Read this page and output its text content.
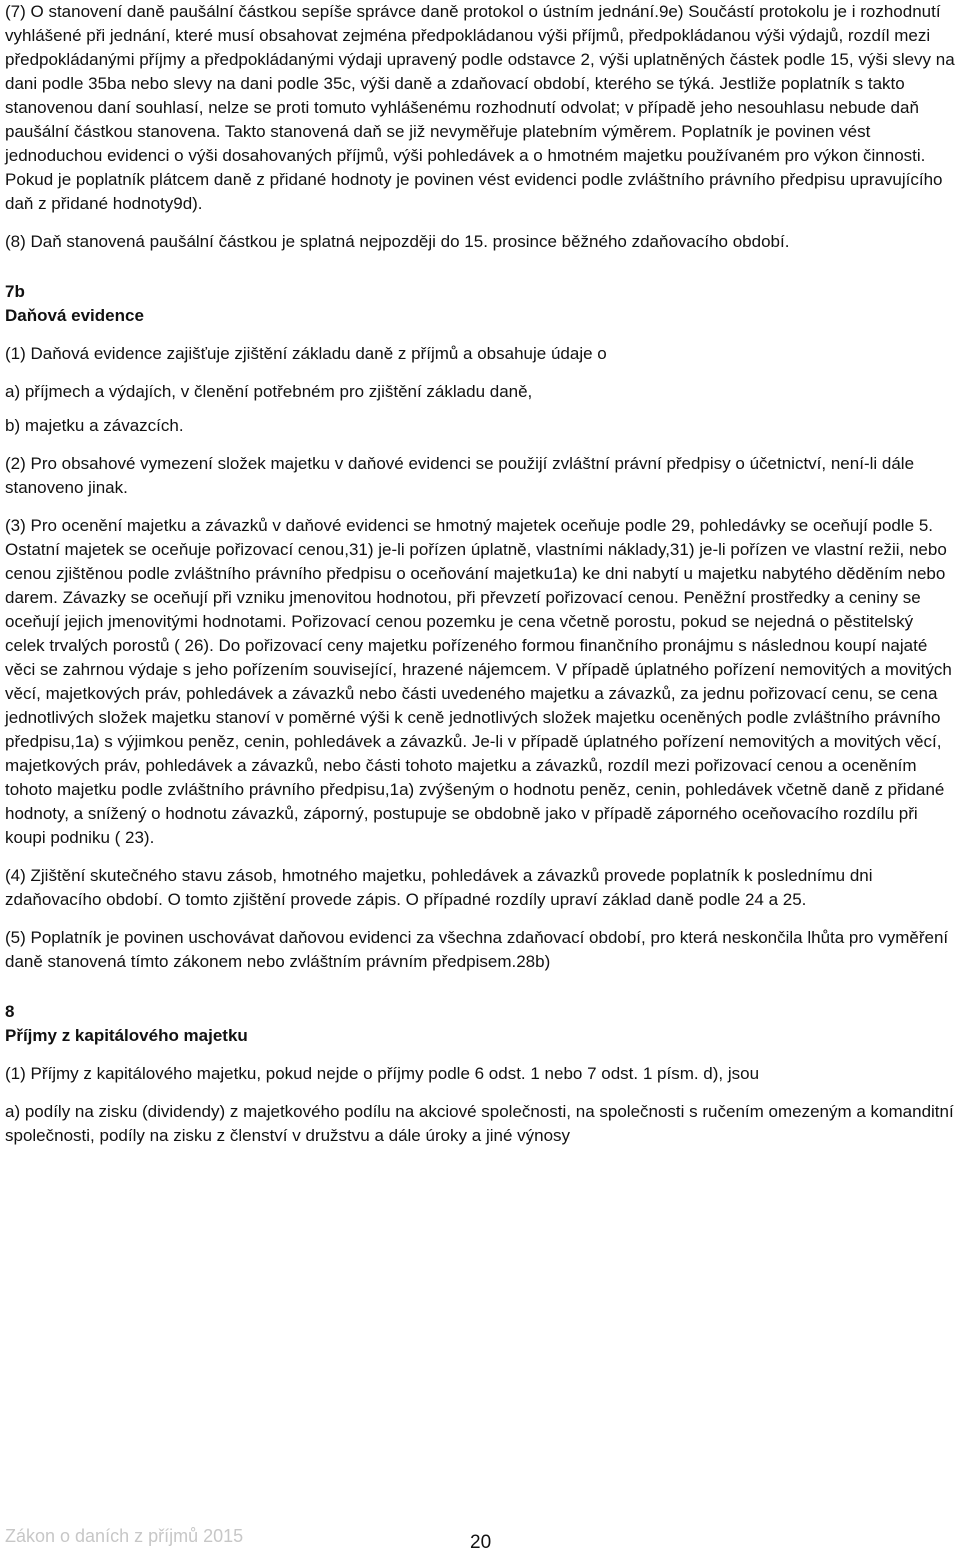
(7) O stanovení daně paušální částkou sepíše správce daně protokol o ústním jednání.9e) Součástí protokolu je i rozhodnutí vyhlášené při jednání, které musí obsahovat zejména předpokládanou výši příjmů, předpokládanou výši výdajů, rozdíl mezi předpokládanými příjmy a předpokládanými výdaji upravený podle odstavce 2, výši uplatněných částek podle 15, výši slevy na dani podle 35ba nebo slevy na dani podle 35c, výši daně a zdaňovací období, kterého se týká. Jestliže poplatník s takto stanovenou daní souhlasí, nelze se proti tomuto vyhlášenému rozhodnutí odvolat; v případě jeho nesouhlasu nebude daň paušální částkou stanovena. Takto stanovená daň se již nevyměřuje platebním výměrem. Poplatník je povinen vést jednoduchou evidenci o výši dosahovaných příjmů, výši pohledávek a o hmotném majetku používaném pro výkon činnosti. Pokud je poplatník plátcem daně z přidané hodnoty je povinen vést evidenci podle zvláštního právního předpisu upravujícího daň z přidané hodnoty9d).

(8) Daň stanovená paušální částkou je splatná nejpozději do 15. prosince běžného zdaňovacího období.

7b

Daňová evidence

(1) Daňová evidence zajišťuje zjištění základu daně z příjmů a obsahuje údaje o

a) příjmech a výdajích, v členění potřebném pro zjištění základu daně,

b) majetku a závazcích.

(2) Pro obsahové vymezení složek majetku v daňové evidenci se použijí zvláštní právní předpisy o účetnictví, není-li dále stanoveno jinak.

(3) Pro ocenění majetku a závazků v daňové evidenci se hmotný majetek oceňuje podle 29, pohledávky se oceňují podle 5. Ostatní majetek se oceňuje pořizovací cenou,31) je-li pořízen úplatně, vlastními náklady,31) je-li pořízen ve vlastní režii, nebo cenou zjištěnou podle zvláštního právního předpisu o oceňování majetku1a) ke dni nabytí u majetku nabytého děděním nebo darem. Závazky se oceňují při vzniku jmenovitou hodnotou, při převzetí pořizovací cenou. Peněžní prostředky a ceniny se oceňují jejich jmenovitými hodnotami. Pořizovací cenou pozemku je cena včetně porostu, pokud se nejedná o pěstitelský celek trvalých porostů ( 26). Do pořizovací ceny majetku pořízeného formou finančního pronájmu s následnou koupí najaté věci se zahrnou výdaje s jeho pořízením související, hrazené nájemcem. V případě úplatného pořízení nemovitých a movitých věcí, majetkových práv, pohledávek a závazků nebo části uvedeného majetku a závazků, za jednu pořizovací cenu, se cena jednotlivých složek majetku stanoví v poměrné výši k ceně jednotlivých složek majetku oceněných podle zvláštního právního předpisu,1a) s výjimkou peněz, cenin, pohledávek a závazků. Je-li v případě úplatného pořízení nemovitých a movitých věcí, majetkových práv, pohledávek a závazků, nebo části tohoto majetku a závazků, rozdíl mezi pořizovací cenou a oceněním tohoto majetku podle zvláštního právního předpisu,1a) zvýšeným o hodnotu peněz, cenin, pohledávek včetně daně z přidané hodnoty, a snížený o hodnotu závazků, záporný, postupuje se obdobně jako v případě záporného oceňovacího rozdílu při koupi podniku ( 23).

(4) Zjištění skutečného stavu zásob, hmotného majetku, pohledávek a závazků provede poplatník k poslednímu dni zdaňovacího období. O tomto zjištění provede zápis. O případné rozdíly upraví základ daně podle 24 a 25.

(5) Poplatník je povinen uschovávat daňovou evidenci za všechna zdaňovací období, pro která neskončila lhůta pro vyměření daně stanovená tímto zákonem nebo zvláštním právním předpisem.28b)

8

Příjmy z kapitálového majetku

(1) Příjmy z kapitálového majetku, pokud nejde o příjmy podle 6 odst. 1 nebo 7 odst. 1 písm. d), jsou

a) podíly na zisku (dividendy) z majetkového podílu na akciové společnosti, na společnosti s ručením omezeným a komanditní společnosti, podíly na zisku z členství v družstvu a dále úroky a jiné výnosy

Zákon o daních z příjmů 2015	20
